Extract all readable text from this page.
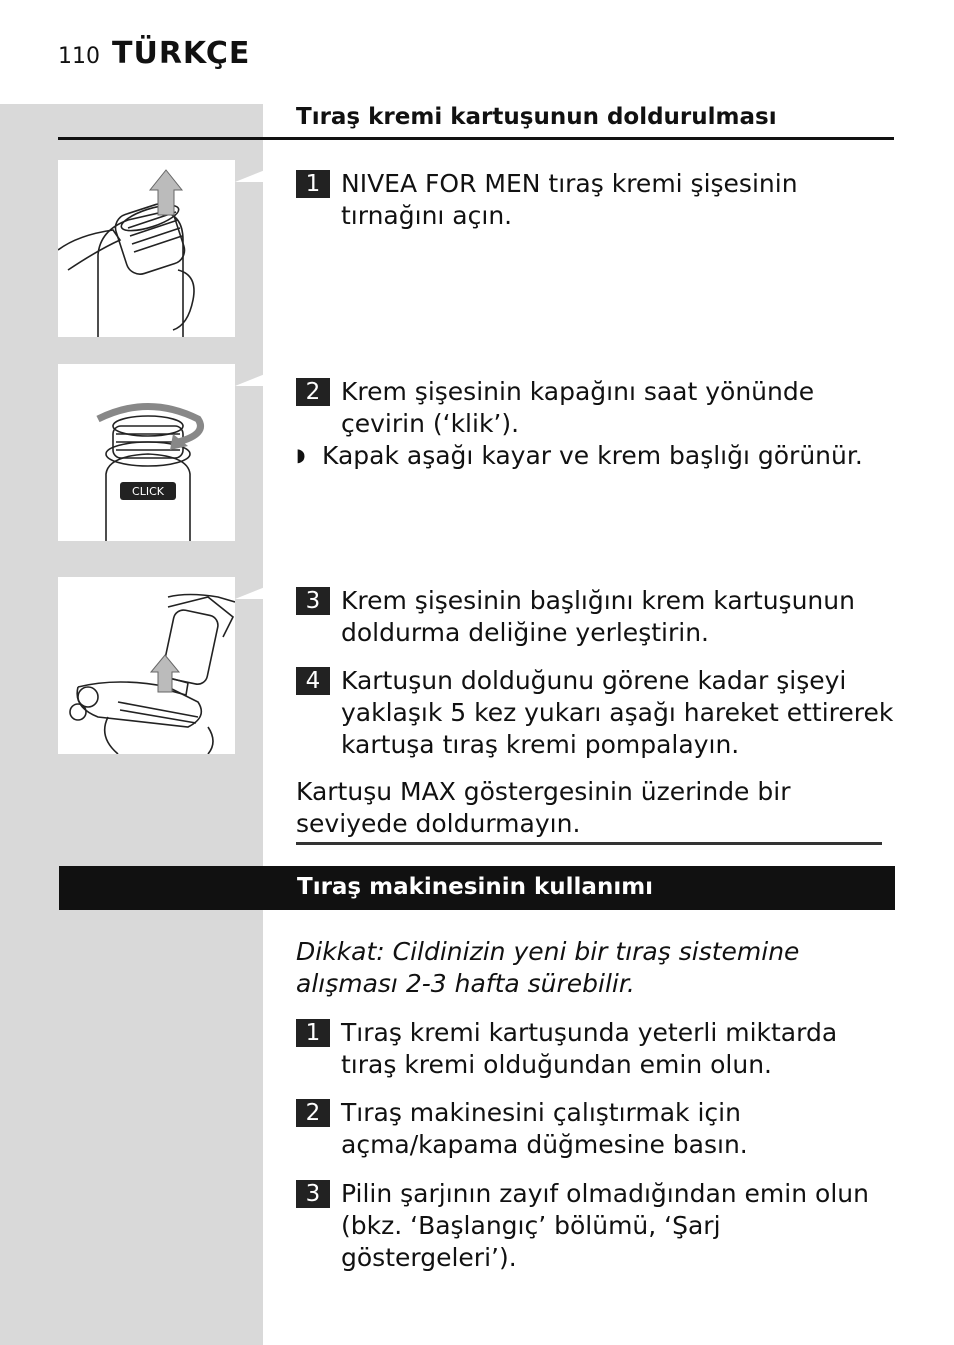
110 TÜRKÇE
Tıraş kremi kartuşunun doldurulması
1 NIVEA FOR MEN tıraş kremi şişesinin tırnağını açın.
CLICK
2 Krem şişesinin kapağını saat yönünde çevirin (‘klik’).
◗ Kapak aşağı kayar ve krem başlığı görünür.
3 Krem şişesinin başlığını krem kartuşunun doldurma deliğine yerleştirin.
4 Kartuşun dolduğunu görene kadar şişeyi yaklaşık 5 kez yukarı aşağı hareket ettirerek kartuşa tıraş kremi pompalayın.
Kartuşu MAX göstergesinin üzerinde bir seviyede doldurmayın.
Tıraş makinesinin kullanımı
Dikkat: Cildinizin yeni bir tıraş sistemine alışması 2-3 hafta sürebilir.
1 Tıraş kremi kartuşunda yeterli miktarda tıraş kremi olduğundan emin olun.
2 Tıraş makinesini çalıştırmak için açma/kapama düğmesine basın.
3 Pilin şarjının zayıf olmadığından emin olun (bkz. ‘Başlangıç’ bölümü, ‘Şarj göstergeleri’).
